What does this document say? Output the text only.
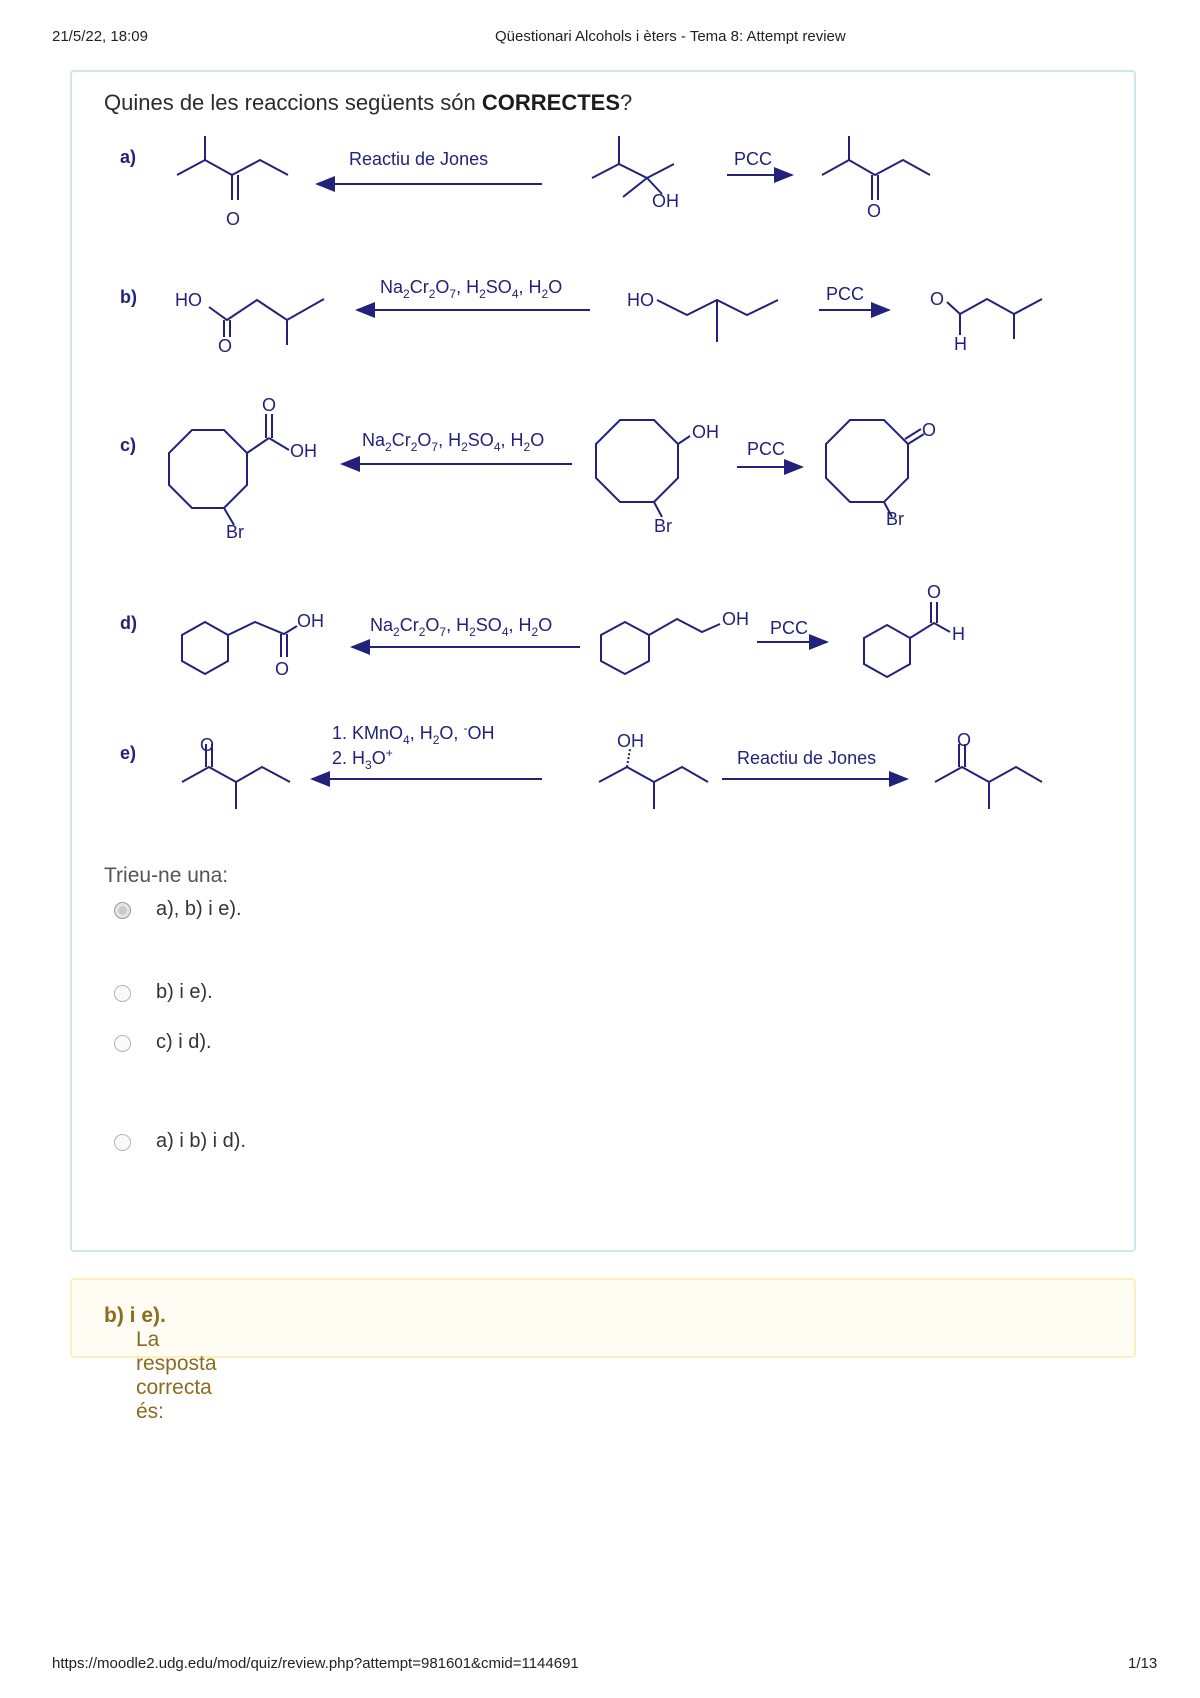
21/5/22, 18:09	Qüestionari Alcohols i èters - Tema 8: Attempt review
Quines de les reaccions següents són CORRECTES?
a)
O
Reactiu de Jones
OH
PCC
O
b) HO
O
$Na_2Cr_2O_7$, $H_2SO_4$, $H_2O$
HO	PCC	O
H
c)
O
OH
Br
$Na_2Cr_2O_7$, $H_2SO_4$, $H_2O$	OH
Br
PCC
O
Br
d)	OH
O
$Na_2Cr_2O_7$, $H_2SO_4$, $H_2O$	OH PCC
O
H
e)	O
1. KMnO$_4$, $H_2O$, -OH
2. $H_3O^+$
OH
Reactiu de Jones
O
Trieu-ne una:
a), b) i e).
b) i e).
c) i d).
a) i b) i d).
La resposta correcta és:
b) i e).
https://moodle2.udg.edu/mod/quiz/review.php?attempt=981601&cmid=1144691	1/13
